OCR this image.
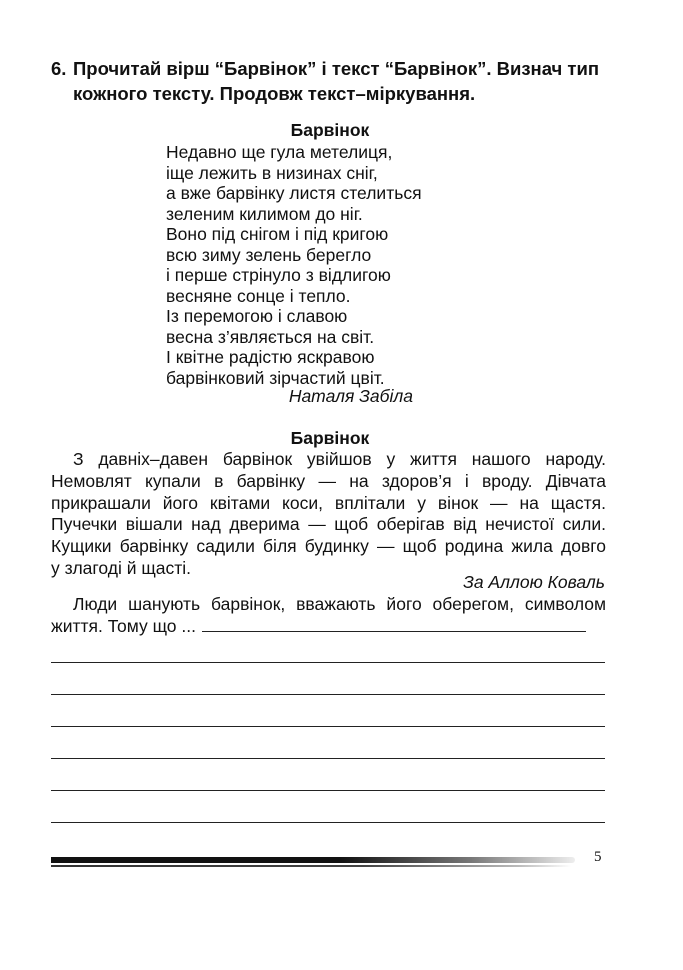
6. Прочитай вірш “Барвінок” і текст “Барвінок”. Визнач тип
кожного тексту. Продовж текст–міркування.
Барвінок
Недавно ще гула метелиця,
іще лежить в низинах сніг,
а вже барвінку листя стелиться
зеленим килимом до ніг.
Воно під снігом і під кригою
всю зиму зелень берегло
і перше стрінуло з відлигою
весняне сонце і тепло.
Із перемогою і славою
весна з’являється на світ.
І квітне радістю яскравою
барвінковий зірчастий цвіт.
Наталя Забіла
Барвінок
З давніх–давен барвінок увійшов у життя нашого народу.
Немовлят купали в барвінку — на здоров’я і вроду. Дівчата
прикрашали його квітами коси, вплітали у вінок — на щастя.
Пучечки вішали над дверима — щоб оберігав від нечистої сили.
Кущики барвінку садили біля будинку — щоб родина жила довго
у злагоді й щасті.
За Аллою Коваль
Люди шанують барвінок, вважають його оберегом, символом
життя. Тому що ...
5
